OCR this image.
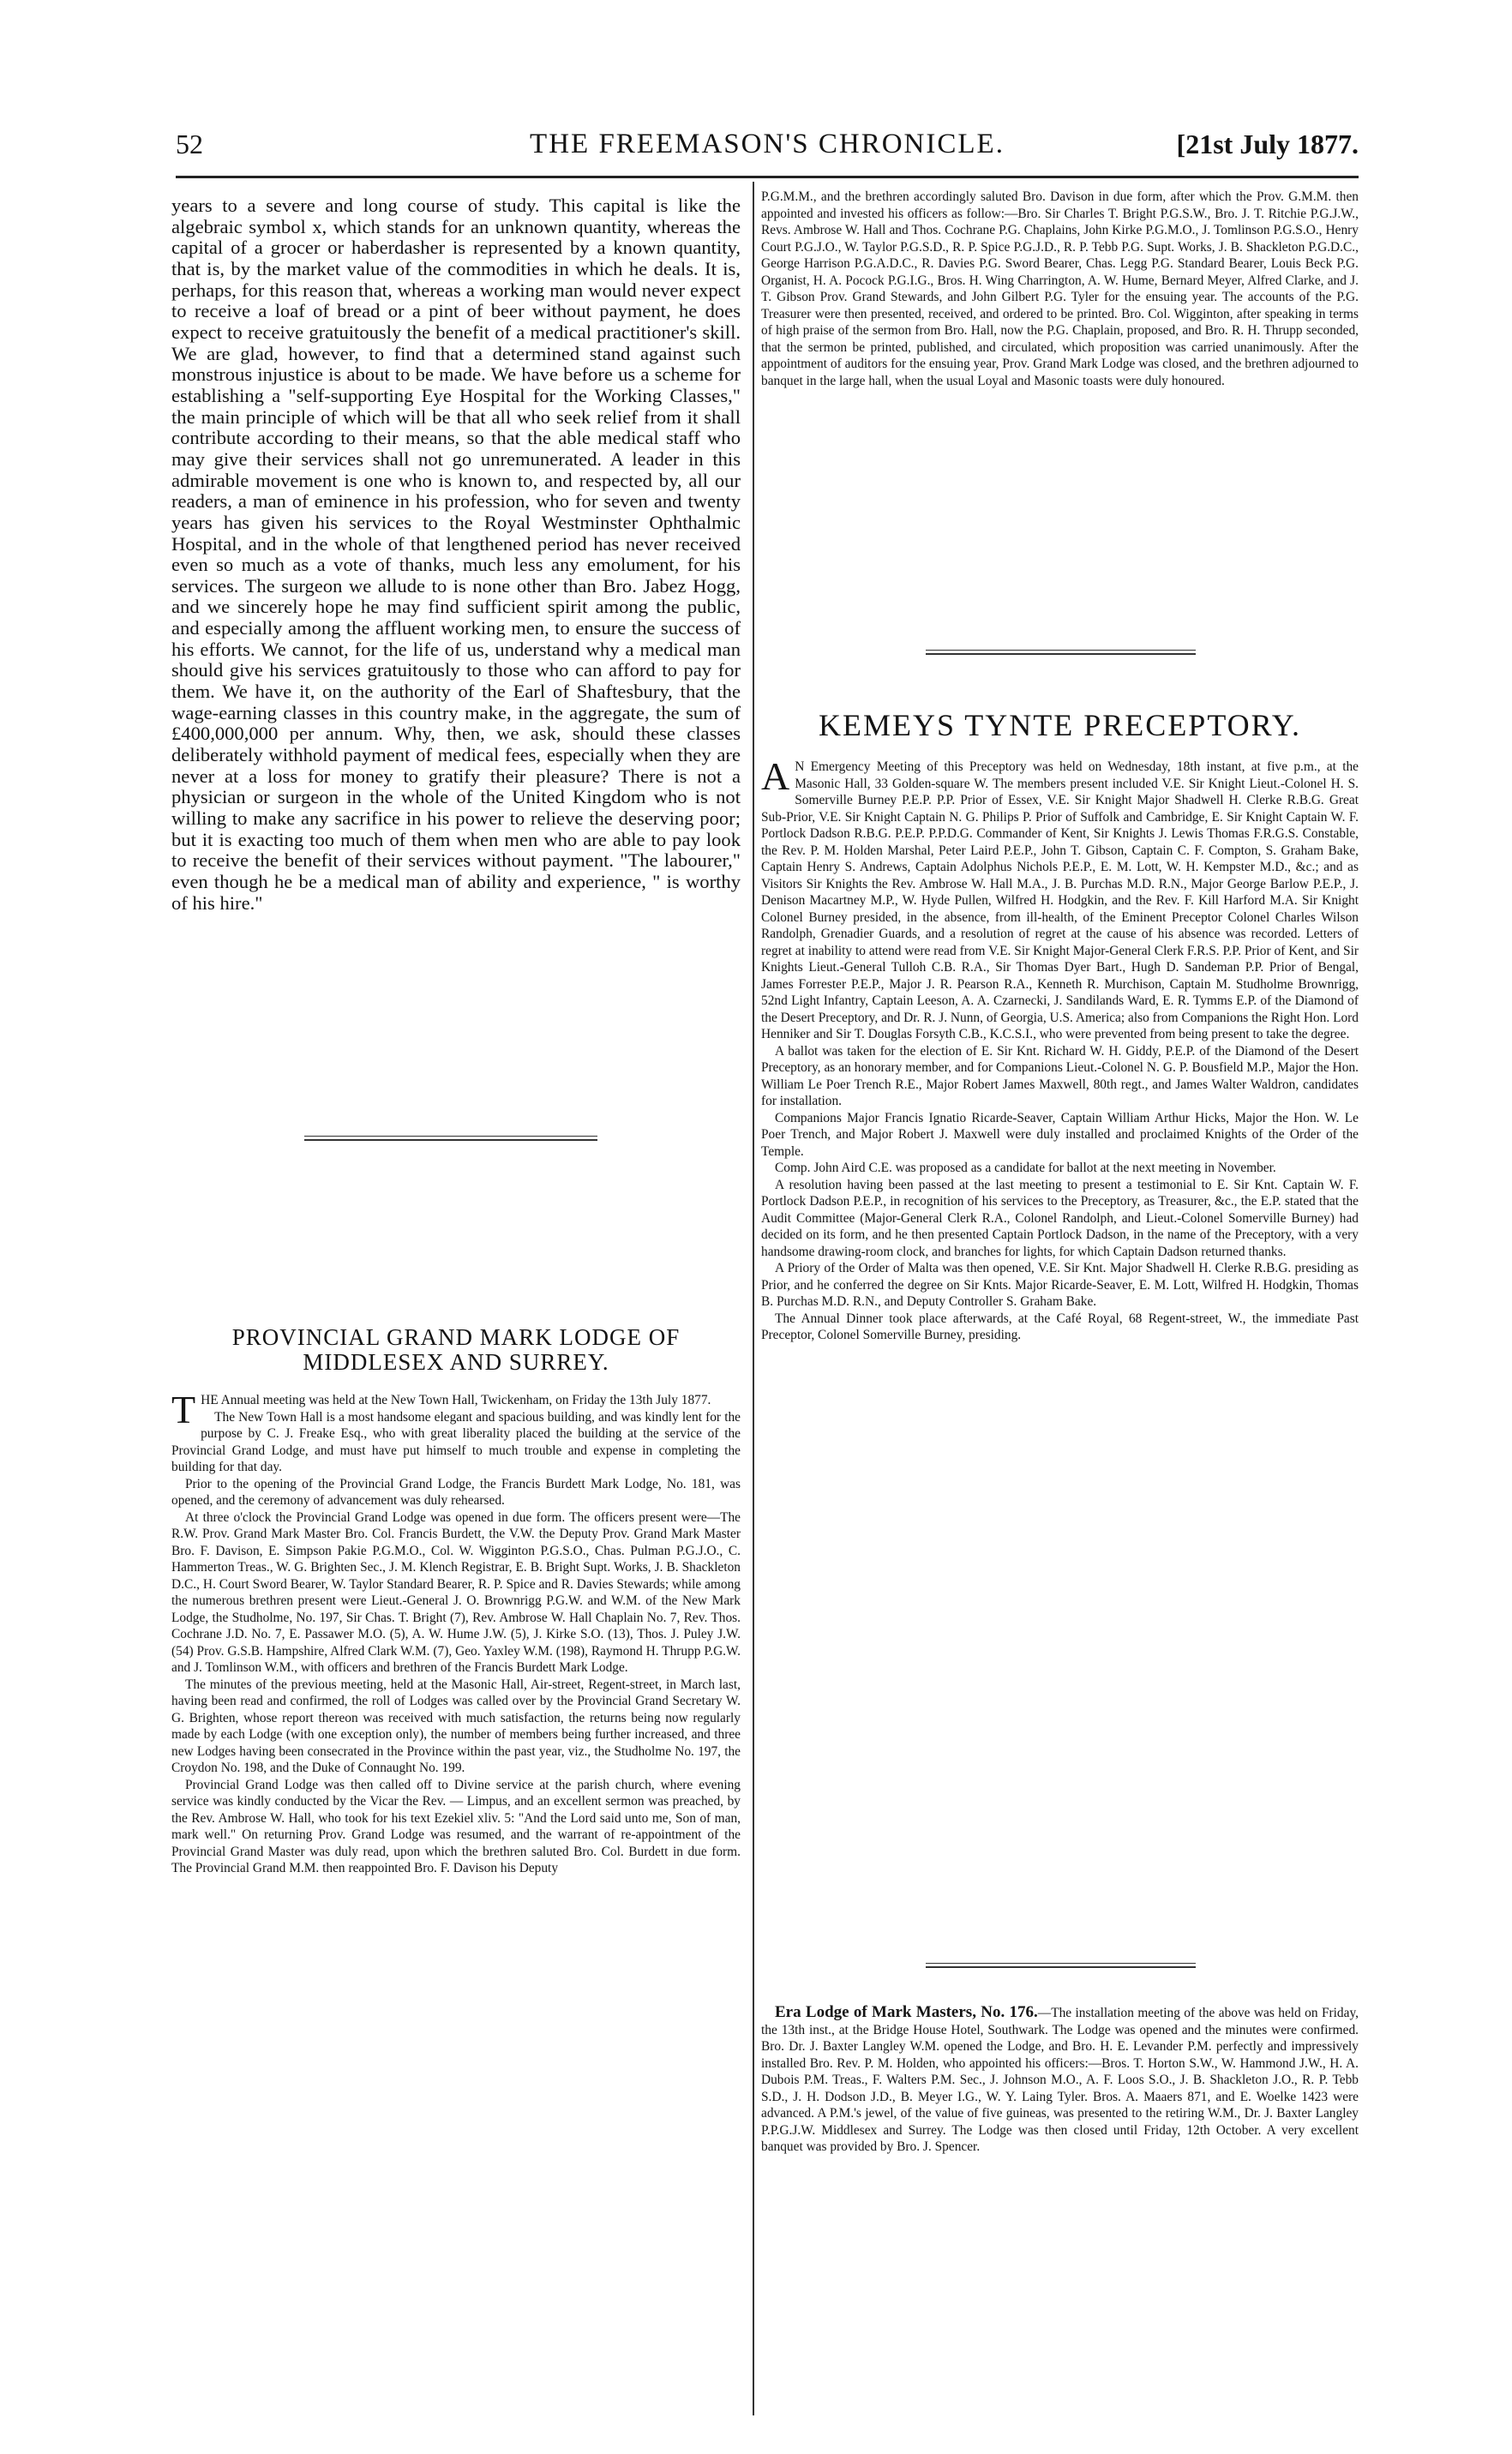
52	THE FREEMASON'S CHRONICLE.	[21st July 1877.

years to a severe and long course of study. This capital is like the algebraic symbol x, which stands for an unknown quantity, whereas the capital of a grocer or haberdasher is represented by a known quantity, that is, by the market value of the commodities in which he deals. It is, perhaps, for this reason that, whereas a working man would never expect to receive a loaf of bread or a pint of beer without payment, he does expect to receive gratuitously the benefit of a medical practitioner's skill. We are glad, however, to find that a determined stand against such monstrous injustice is about to be made. We have before us a scheme for establishing a "self-supporting Eye Hospital for the Working Classes," the main principle of which will be that all who seek relief from it shall contribute according to their means, so that the able medical staff who may give their services shall not go unremunerated. A leader in this admirable movement is one who is known to, and respected by, all our readers, a man of eminence in his profession, who for seven and twenty years has given his services to the Royal Westminster Ophthalmic Hospital, and in the whole of that lengthened period has never received even so much as a vote of thanks, much less any emolument, for his services. The surgeon we allude to is none other than Bro. Jabez Hogg, and we sincerely hope he may find sufficient spirit among the public, and especially among the affluent working men, to ensure the success of his efforts. We cannot, for the life of us, understand why a medical man should give his services gratuitously to those who can afford to pay for them. We have it, on the authority of the Earl of Shaftesbury, that the wage-earning classes in this country make, in the aggregate, the sum of £400,000,000 per annum. Why, then, we ask, should these classes deliberately withhold payment of medical fees, especially when they are never at a loss for money to gratify their pleasure? There is not a physician or surgeon in the whole of the United Kingdom who is not willing to make any sacrifice in his power to relieve the deserving poor; but it is exacting too much of them when men who are able to pay look to receive the benefit of their services without payment. "The labourer," even though he be a medical man of ability and experience, " is worthy of his hire."

PROVINCIAL GRAND MARK LODGE OF

MIDDLESEX AND SURREY.

THE Annual meeting was held at the New Town Hall, Twickenham, on Friday the 13th July 1877.

The New Town Hall is a most handsome elegant and spacious building, and was kindly lent for the purpose by C. J. Freake Esq., who with great liberality placed the building at the service of the Provincial Grand Lodge, and must have put himself to much trouble and expense in completing the building for that day.

Prior to the opening of the Provincial Grand Lodge, the Francis Burdett Mark Lodge, No. 181, was opened, and the ceremony of advancement was duly rehearsed.

At three o'clock the Provincial Grand Lodge was opened in due form. The officers present were—The R.W. Prov. Grand Mark Master Bro. Col. Francis Burdett, the V.W. the Deputy Prov. Grand Mark Master Bro. F. Davison, E. Simpson Pakie P.G.M.O., Col. W. Wigginton P.G.S.O., Chas. Pulman P.G.J.O., C. Hammerton Treas., W. G. Brighten Sec., J. M. Klench Registrar, E. B. Bright Supt. Works, J. B. Shackleton D.C., H. Court Sword Bearer, W. Taylor Standard Bearer, R. P. Spice and R. Davies Stewards; while among the numerous brethren present were Lieut.-General J. O. Brownrigg P.G.W. and W.M. of the New Mark Lodge, the Studholme, No. 197, Sir Chas. T. Bright (7), Rev. Ambrose W. Hall Chaplain No. 7, Rev. Thos. Cochrane J.D. No. 7, E. Passawer M.O. (5), A. W. Hume J.W. (5), J. Kirke S.O. (13), Thos. J. Puley J.W. (54) Prov. G.S.B. Hampshire, Alfred Clark W.M. (7), Geo. Yaxley W.M. (198), Raymond H. Thrupp P.G.W. and J. Tomlinson W.M., with officers and brethren of the Francis Burdett Mark Lodge.

The minutes of the previous meeting, held at the Masonic Hall, Air-street, Regent-street, in March last, having been read and confirmed, the roll of Lodges was called over by the Provincial Grand Secretary W. G. Brighten, whose report thereon was received with much satisfaction, the returns being now regularly made by each Lodge (with one exception only), the number of members being further increased, and three new Lodges having been consecrated in the Province within the past year, viz., the Studholme No. 197, the Croydon No. 198, and the Duke of Connaught No. 199.

Provincial Grand Lodge was then called off to Divine service at the parish church, where evening service was kindly conducted by the Vicar the Rev. — Limpus, and an excellent sermon was preached, by the Rev. Ambrose W. Hall, who took for his text Ezekiel xliv. 5: "And the Lord said unto me, Son of man, mark well." On returning Prov. Grand Lodge was resumed, and the warrant of re-appointment of the Provincial Grand Master was duly read, upon which the brethren saluted Bro. Col. Burdett in due form. The Provincial Grand M.M. then reappointed Bro. F. Davison his Deputy

P.G.M.M., and the brethren accordingly saluted Bro. Davison in due form, after which the Prov. G.M.M. then appointed and invested his officers as follow:—Bro. Sir Charles T. Bright P.G.S.W., Bro. J. T. Ritchie P.G.J.W., Revs. Ambrose W. Hall and Thos. Cochrane P.G. Chaplains, John Kirke P.G.M.O., J. Tomlinson P.G.S.O., Henry Court P.G.J.O., W. Taylor P.G.S.D., R. P. Spice P.G.J.D., R. P. Tebb P.G. Supt. Works, J. B. Shackleton P.G.D.C., George Harrison P.G.A.D.C., R. Davies P.G. Sword Bearer, Chas. Legg P.G. Standard Bearer, Louis Beck P.G. Organist, H. A. Pocock P.G.I.G., Bros. H. Wing Charrington, A. W. Hume, Bernard Meyer, Alfred Clarke, and J. T. Gibson Prov. Grand Stewards, and John Gilbert P.G. Tyler for the ensuing year. The accounts of the P.G. Treasurer were then presented, received, and ordered to be printed. Bro. Col. Wigginton, after speaking in terms of high praise of the sermon from Bro. Hall, now the P.G. Chaplain, proposed, and Bro. R. H. Thrupp seconded, that the sermon be printed, published, and circulated, which proposition was carried unanimously. After the appointment of auditors for the ensuing year, Prov. Grand Mark Lodge was closed, and the brethren adjourned to banquet in the large hall, when the usual Loyal and Masonic toasts were duly honoured.

KEMEYS TYNTE PRECEPTORY.

A N Emergency Meeting of this Preceptory was held on Wednesday, 18th instant, at five p.m., at the Masonic Hall, 33 Golden-square W. The members present included V.E. Sir Knight Lieut.-Colonel H. S. Somerville Burney P.E.P. P.P. Prior of Essex, V.E. Sir Knight Major Shadwell H. Clerke R.B.G. Great Sub-Prior, V.E. Sir Knight Captain N. G. Philips P. Prior of Suffolk and Cambridge, E. Sir Knight Captain W. F. Portlock Dadson R.B.G. P.E.P. P.P.D.G. Commander of Kent, Sir Knights J. Lewis Thomas F.R.G.S. Constable, the Rev. P. M. Holden Marshal, Peter Laird P.E.P., John T. Gibson, Captain C. F. Compton, S. Graham Bake, Captain Henry S. Andrews, Captain Adolphus Nichols P.E.P., E. M. Lott, W. H. Kempster M.D., &c.; and as Visitors Sir Knights the Rev. Ambrose W. Hall M.A., J. B. Purchas M.D. R.N., Major George Barlow P.E.P., J. Denison Macartney M.P., W. Hyde Pullen, Wilfred H. Hodgkin, and the Rev. F. Kill Harford M.A. Sir Knight Colonel Burney presided, in the absence, from ill-health, of the Eminent Preceptor Colonel Charles Wilson Randolph, Grenadier Guards, and a resolution of regret at the cause of his absence was recorded. Letters of regret at inability to attend were read from V.E. Sir Knight Major-General Clerk F.R.S. P.P. Prior of Kent, and Sir Knights Lieut.-General Tulloh C.B. R.A., Sir Thomas Dyer Bart., Hugh D. Sandeman P.P. Prior of Bengal, James Forrester P.E.P., Major J. R. Pearson R.A., Kenneth R. Murchison, Captain M. Studholme Brownrigg, 52nd Light Infantry, Captain Leeson, A. A. Czarnecki, J. Sandilands Ward, E. R. Tymms E.P. of the Diamond of the Desert Preceptory, and Dr. R. J. Nunn, of Georgia, U.S. America; also from Companions the Right Hon. Lord Henniker and Sir T. Douglas Forsyth C.B., K.C.S.I., who were prevented from being present to take the degree.

A ballot was taken for the election of E. Sir Knt. Richard W. H. Giddy, P.E.P. of the Diamond of the Desert Preceptory, as an honorary member, and for Companions Lieut.-Colonel N. G. P. Bousfield M.P., Major the Hon. William Le Poer Trench R.E., Major Robert James Maxwell, 80th regt., and James Walter Waldron, candidates for installation.

Companions Major Francis Ignatio Ricarde-Seaver, Captain William Arthur Hicks, Major the Hon. W. Le Poer Trench, and Major Robert J. Maxwell were duly installed and proclaimed Knights of the Order of the Temple.

Comp. John Aird C.E. was proposed as a candidate for ballot at the next meeting in November.

A resolution having been passed at the last meeting to present a testimonial to E. Sir Knt. Captain W. F. Portlock Dadson P.E.P., in recognition of his services to the Preceptory, as Treasurer, &c., the E.P. stated that the Audit Committee (Major-General Clerk R.A., Colonel Randolph, and Lieut.-Colonel Somerville Burney) had decided on its form, and he then presented Captain Portlock Dadson, in the name of the Preceptory, with a very handsome drawing-room clock, and branches for lights, for which Captain Dadson returned thanks.

A Priory of the Order of Malta was then opened, V.E. Sir Knt. Major Shadwell H. Clerke R.B.G. presiding as Prior, and he conferred the degree on Sir Knts. Major Ricarde-Seaver, E. M. Lott, Wilfred H. Hodgkin, Thomas B. Purchas M.D. R.N., and Deputy Controller S. Graham Bake.

The Annual Dinner took place afterwards, at the Café Royal, 68 Regent-street, W., the immediate Past Preceptor, Colonel Somerville Burney, presiding.

Era Lodge of Mark Masters, No. 176.—The installation meeting of the above was held on Friday, the 13th inst., at the Bridge House Hotel, Southwark. The Lodge was opened and the minutes were confirmed. Bro. Dr. J. Baxter Langley W.M. opened the Lodge, and Bro. H. E. Levander P.M. perfectly and impressively installed Bro. Rev. P. M. Holden, who appointed his officers:—Bros. T. Horton S.W., W. Hammond J.W., H. A. Dubois P.M. Treas., F. Walters P.M. Sec., J. Johnson M.O., A. F. Loos S.O., J. B. Shackleton J.O., R. P. Tebb S.D., J. H. Dodson J.D., B. Meyer I.G., W. Y. Laing Tyler. Bros. A. Maaers 871, and E. Woelke 1423 were advanced. A P.M.'s jewel, of the value of five guineas, was presented to the retiring W.M., Dr. J. Baxter Langley P.P.G.J.W. Middlesex and Surrey. The Lodge was then closed until Friday, 12th October. A very excellent banquet was provided by Bro. J. Spencer.
